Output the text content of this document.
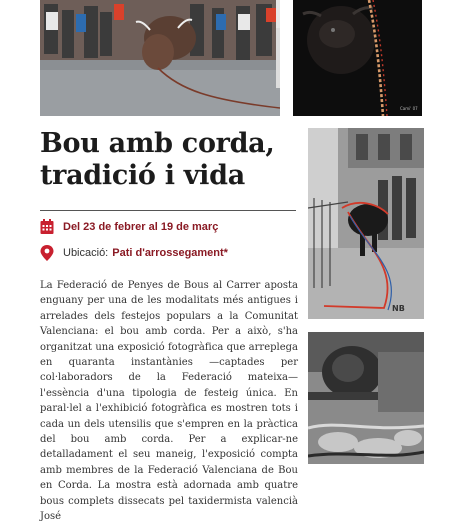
Cami' 07
NB
Bou amb corda,
tradició i vida
Del 23 de febrer al 19 de març
Ubicació: Pati d'arrossegament*

La Federació de Penyes de Bous al Carrer aposta enguany per una de les modalitats més antigues i arrelades dels festejos populars a la Comunitat Valenciana: el bou amb corda. Per a això, s'ha organitzat una exposició fotogràfica que arreplega en quaranta instantànies —captades per col·laboradors de la Federació mateixa— l'essència d'una tipologia de festeig única. En paral·lel a l'exhibició fotogràfica es mostren tots i cada un dels utensilis que s'empren en la pràctica del bou amb corda. Per a explicar-ne detalladament el seu maneig, l'exposició compta amb membres de la Federació Valenciana de Bou en Corda. La mostra està adornada amb quatre bous complets dissecats pel taxidermista valencià José
